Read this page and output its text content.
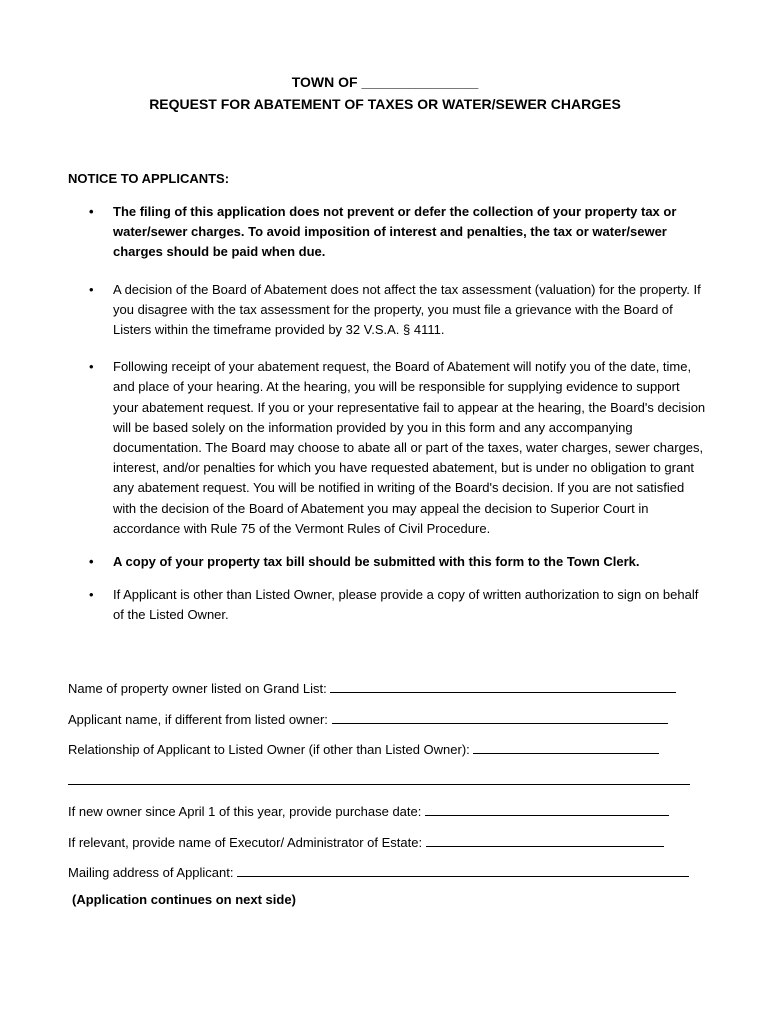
TOWN OF _______________
REQUEST FOR ABATEMENT OF TAXES OR WATER/SEWER CHARGES
NOTICE TO APPLICANTS:
• The filing of this application does not prevent or defer the collection of your property tax or water/sewer charges. To avoid imposition of interest and penalties, the tax or water/sewer charges should be paid when due.
• A decision of the Board of Abatement does not affect the tax assessment (valuation) for the property. If you disagree with the tax assessment for the property, you must file a grievance with the Board of Listers within the timeframe provided by 32 V.S.A. § 4111.
• Following receipt of your abatement request, the Board of Abatement will notify you of the date, time, and place of your hearing. At the hearing, you will be responsible for supplying evidence to support your abatement request. If you or your representative fail to appear at the hearing, the Board's decision will be based solely on the information provided by you in this form and any accompanying documentation. The Board may choose to abate all or part of the taxes, water charges, sewer charges, interest, and/or penalties for which you have requested abatement, but is under no obligation to grant any abatement request. You will be notified in writing of the Board's decision. If you are not satisfied with the decision of the Board of Abatement you may appeal the decision to Superior Court in accordance with Rule 75 of the Vermont Rules of Civil Procedure.
• A copy of your property tax bill should be submitted with this form to the Town Clerk.
• If Applicant is other than Listed Owner, please provide a copy of written authorization to sign on behalf of the Listed Owner.
Name of property owner listed on Grand List:
Applicant name, if different from listed owner:
Relationship of Applicant to Listed Owner (if other than Listed Owner):
If new owner since April 1 of this year, provide purchase date:
If relevant, provide name of Executor/ Administrator of Estate:
Mailing address of Applicant:
(Application continues on next side)
